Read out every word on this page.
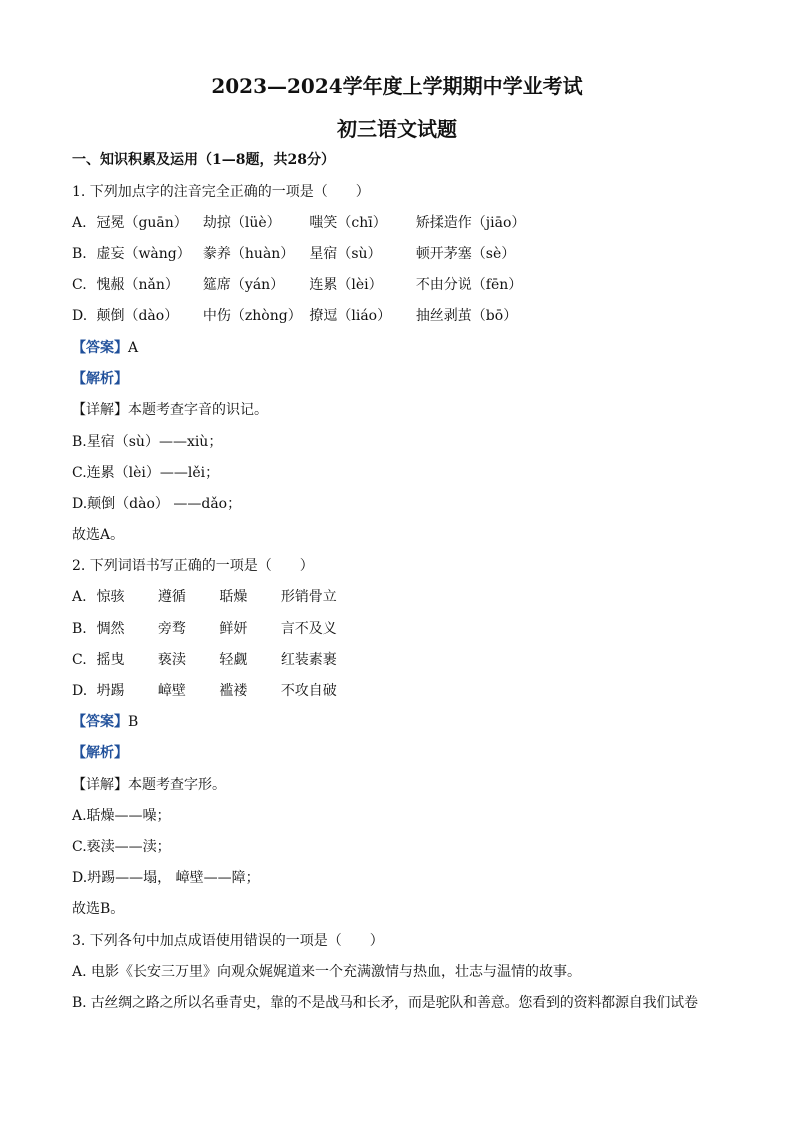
2023—2024学年度上学期期中学业考试
初三语文试题
一、知识积累及运用（1—8题，共28分）
1. 下列加点字的注音完全正确的一项是（　　）
A. 冠冕（guān） 劫掠（lüè） 嗤笑（chī） 矫揉造作（jiāo）
B. 虚妄（wàng） 豢养（huàn） 星宿（sù） 顿开茅塞（sè）
C. 愧赧（nǎn） 筵席（yán） 连累（lèi） 不由分说（fēn）
D. 颠倒（dào） 中伤（zhòng） 撩逗（liáo） 抽丝剥茧（bō）
【答案】A
【解析】
【详解】本题考查字音的识记。
B.星宿（sù）——xiù；
C.连累（lèi）——lěi；
D.颠倒（dào） ——dǎo；
故选A。
2. 下列词语书写正确的一项是（　　）
A. 惊骇 遵循 聒燥 形销骨立
B. 惆然 旁骛 鲜妍 言不及义
C. 摇曳 亵渎 轻觑 红装素裹
D. 坍踢 嶂壁 褴褛 不攻自破
【答案】B
【解析】
【详解】本题考查字形。
A.聒燥——噪；
C.亵渎——渎；
D.坍踢——塌， 嶂壁——障；
故选B。
3. 下列各句中加点成语使用错误的一项是（　　）
A. 电影《长安三万里》向观众娓娓道来一个充满激情与热血，壮志与温情的故事。
B. 古丝绸之路之所以名垂青史，靠的不是战马和长矛，而是驼队和善意。您看到的资料都源自我们试卷
